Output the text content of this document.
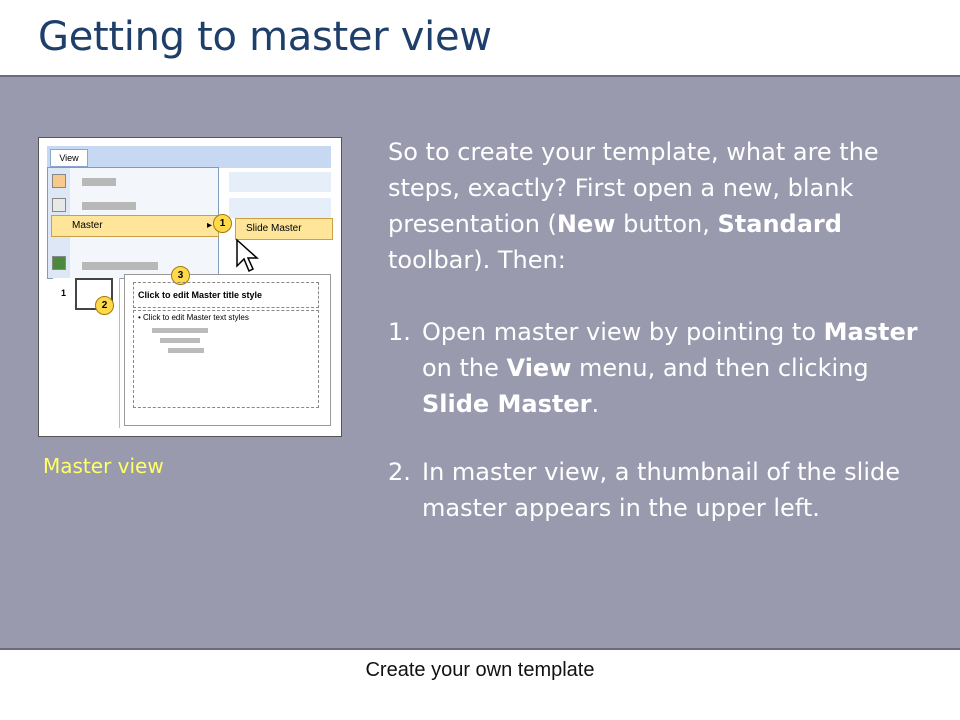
Getting to master view
View
Master	▸	Slide Master
1
1
2
3
Click to edit Master title style
• Click to edit Master text styles
Master view

So to create your template, what are the steps, exactly? First open a new, blank presentation (New button, Standard toolbar). Then:

1. Open master view by pointing to Master on the View menu, and then clicking Slide Master.
2. In master view, a thumbnail of the slide master appears in the upper left.
Create your own template
